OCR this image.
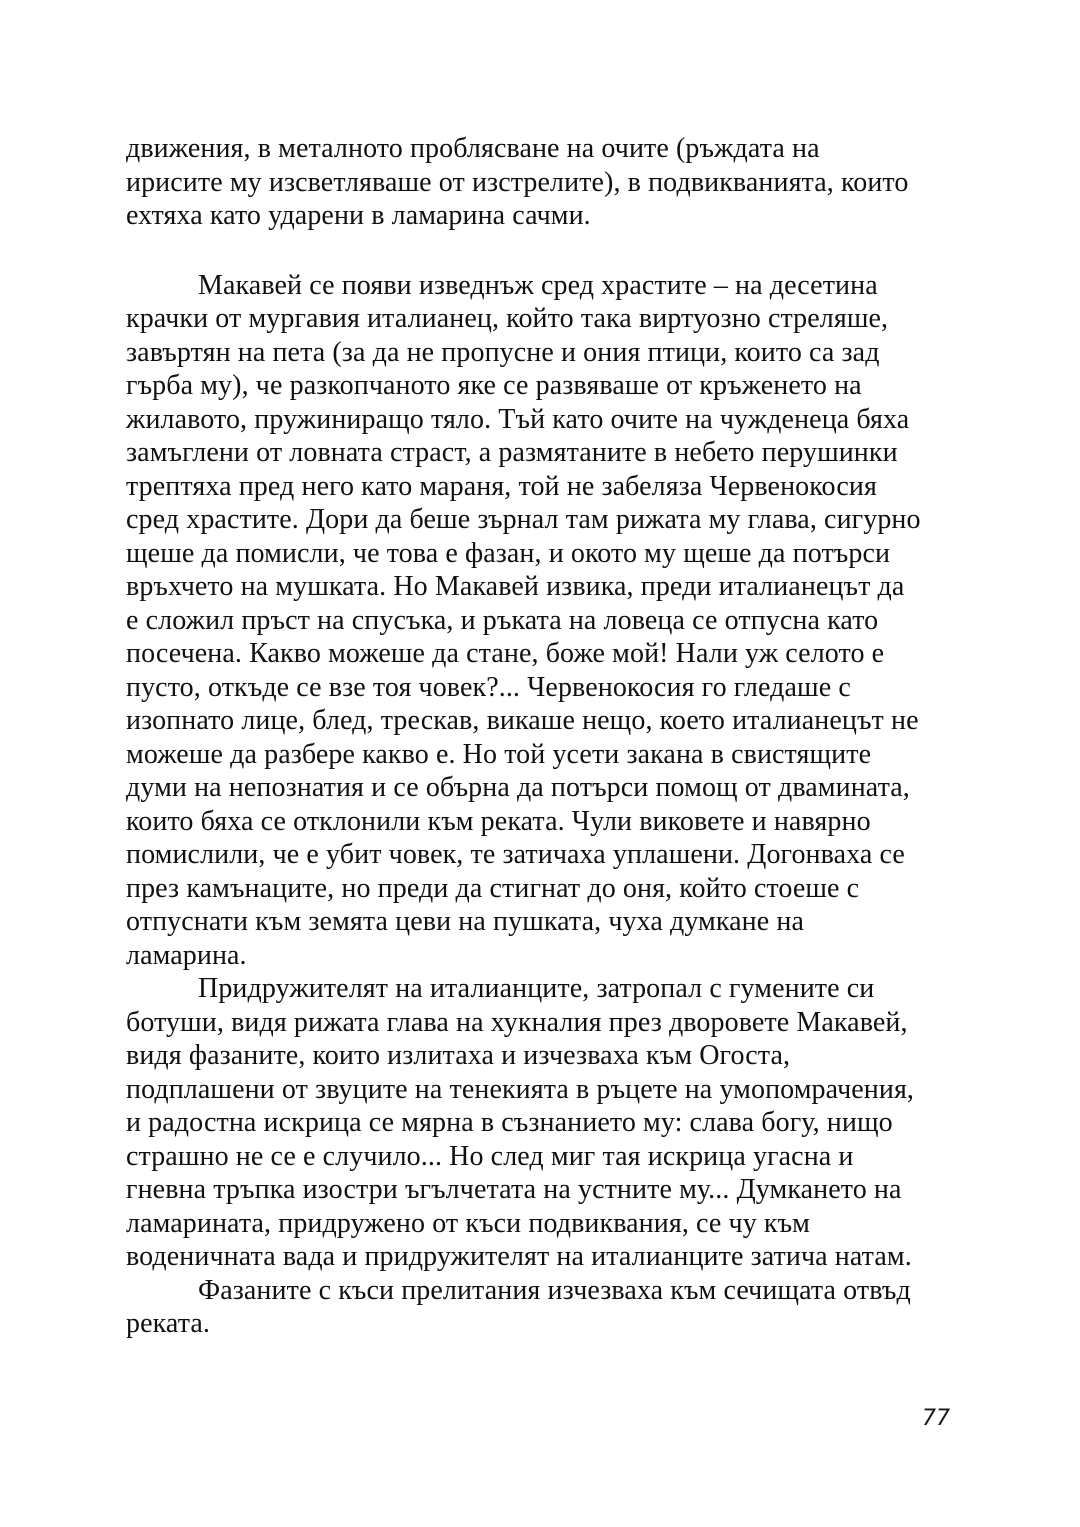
движения, в металното проблясване на очите (ръждата на
ирисите му изсветляваше от изстрелите), в подвикванията, които
ехтяха като ударени в ламарина сачми.

Макавей се появи изведнъж сред храстите – на десетина
крачки от мургавия италианец, който така виртуозно стреляше,
завъртян на пета (за да не пропусне и ония птици, които са зад
гърба му), че разкопчаното яке се развяваше от кръженето на
жилавото, пружиниращо тяло. Тъй като очите на чужденеца бяха
замъглени от ловната страст, а размятаните в небето перушинки
трептяха пред него като мараня, той не забеляза Червенокосия
сред храстите. Дори да беше зърнал там рижата му глава, сигурно
щеше да помисли, че това е фазан, и окото му щеше да потърси
връхчето на мушката. Но Макавей извика, преди италианецът да
е сложил пръст на спусъка, и ръката на ловеца се отпусна като
посечена. Какво можеше да стане, боже мой! Нали уж селото е
пусто, откъде се взе тоя човек?... Червенокосия го гледаше с
изопнато лице, блед, трескав, викаше нещо, което италианецът не
можеше да разбере какво е. Но той усети закана в свистящите
думи на непознатия и се обърна да потърси помощ от двамината,
които бяха се отклонили към реката. Чули виковете и навярно
помислили, че е убит човек, те затичаха уплашени. Догонваха се
през камънаците, но преди да стигнат до оня, който стоеше с
отпуснати към земята цеви на пушката, чуха думкане на
ламарина.

Придружителят на италианците, затропал с гумените си
ботуши, видя рижата глава на хукналия през дворовете Макавей,
видя фазаните, които излитаха и изчезваха към Огоста,
подплашени от звуците на тенекията в ръцете на умопомрачения,
и радостна искрица се мярна в съзнанието му: слава богу, нищо
страшно не се е случило... Но след миг тая искрица угасна и
гневна тръпка изостри ъгълчетата на устните му... Думкането на
ламарината, придружено от къси подвиквания, се чу към
воденичната вада и придружителят на италианците затича натам.

Фазаните с къси прелитания изчезваха към сечищата отвъд
реката.

77
